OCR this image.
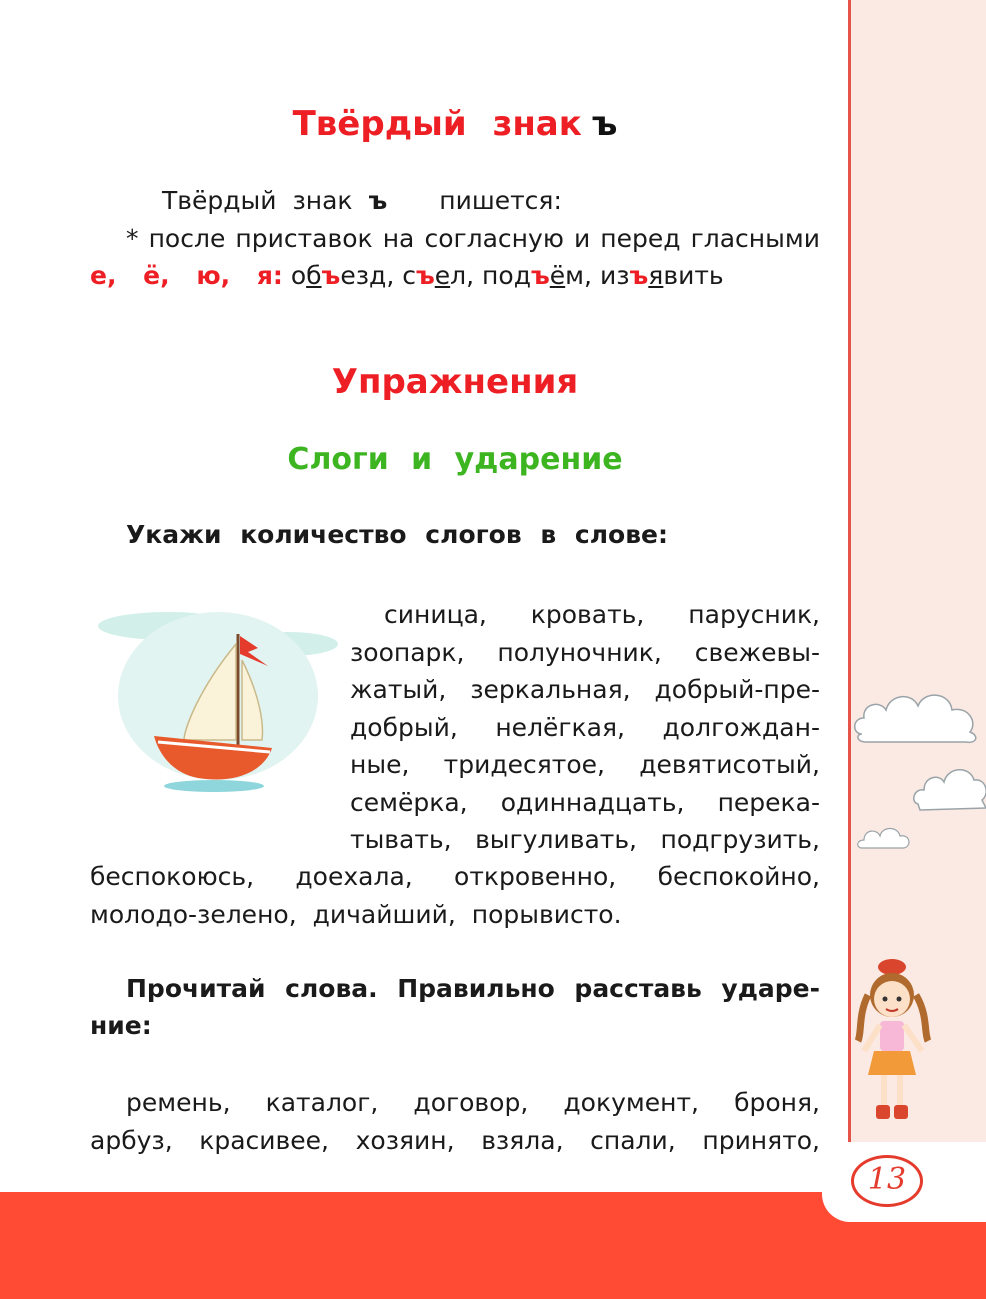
13
Твёрдый знак ъ
Твёрдый знак ъ пишется:
* после приставок на согласную и перед гласными е, ё, ю, я: объезд, съел, подъём, изъявить
Упражнения
Слоги и ударение
Укажи количество слогов в слове:
синица, кровать, парусник,
зоопарк, полуночник, свежевы-
жатый, зеркальная, добрый-пре-
добрый, нелёгкая, долгождан-
ные, тридесятое, девятисотый,
семёрка, одиннадцать, перека-
тывать, выгуливать, подгрузить,
беспокоюсь, доехала, откровенно, беспокойно,
молодо-зелено, дичайший, порывисто.
Прочитай слова. Правильно расставь ударе-
ние:
ремень, каталог, договор, документ, броня,
арбуз, красивее, хозяин, взяла, спали, принято,
